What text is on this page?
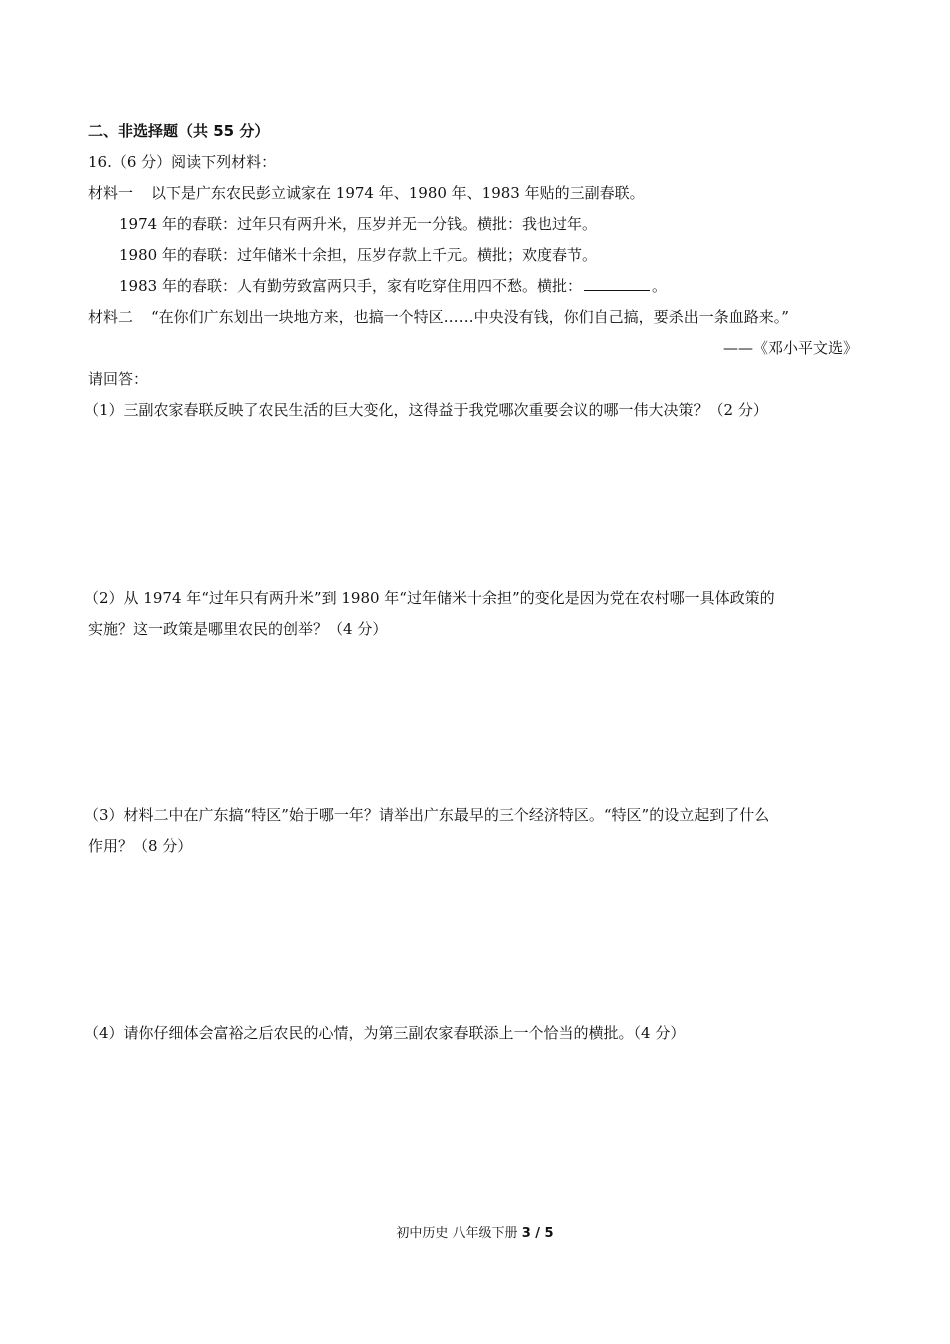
二、非选择题（共 55 分）
16.（6 分）阅读下列材料：
材料一 以下是广东农民彭立诚家在 1974 年、1980 年、1983 年贴的三副春联。
1974 年的春联：过年只有两升米，压岁并无一分钱。横批：我也过年。
1980 年的春联：过年储米十余担，压岁存款上千元。横批；欢度春节。
1983 年的春联：人有勤劳致富两只手，家有吃穿住用四不愁。横批：	。
材料二 “在你们广东划出一块地方来，也搞一个特区……中央没有钱，你们自己搞，要杀出一条血路来。”
——《邓小平文选》
请回答：
（1）三副农家春联反映了农民生活的巨大变化，这得益于我党哪次重要会议的哪一伟大决策？（2 分）
（2）从 1974 年“过年只有两升米”到 1980 年“过年储米十余担”的变化是因为党在农村哪一具体政策的
实施？这一政策是哪里农民的创举？（4 分）
（3）材料二中在广东搞“特区”始于哪一年？请举出广东最早的三个经济特区。“特区”的设立起到了什么
作用？（8 分）
（4）请你仔细体会富裕之后农民的心情，为第三副农家春联添上一个恰当的横批。（4 分）
初中历史 八年级下册 3 / 5
